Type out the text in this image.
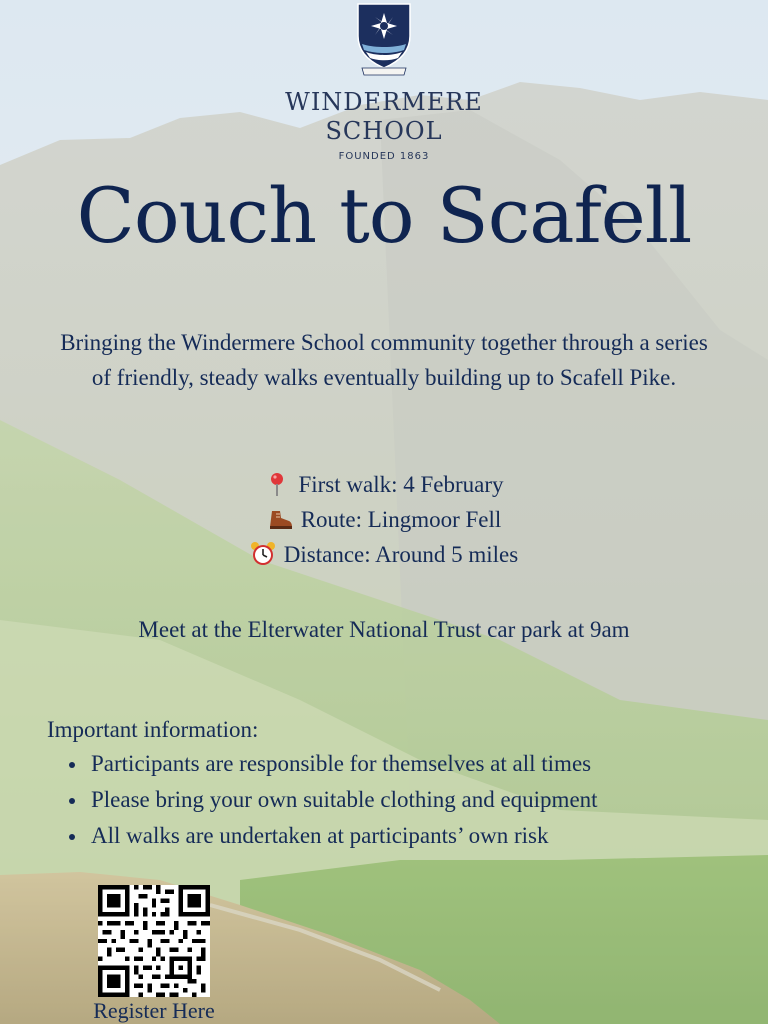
WINDERMERE
SCHOOL
FOUNDED 1863
Couch to Scafell
Bringing the Windermere School community together through a series of friendly, steady walks eventually building up to Scafell Pike.
First walk: 4 February
Route: Lingmoor Fell
Distance: Around 5 miles
Meet at the Elterwater National Trust car park at 9am
Important information:
Participants are responsible for themselves at all times
Please bring your own suitable clothing and equipment
All walks are undertaken at participants’ own risk
Register Here
